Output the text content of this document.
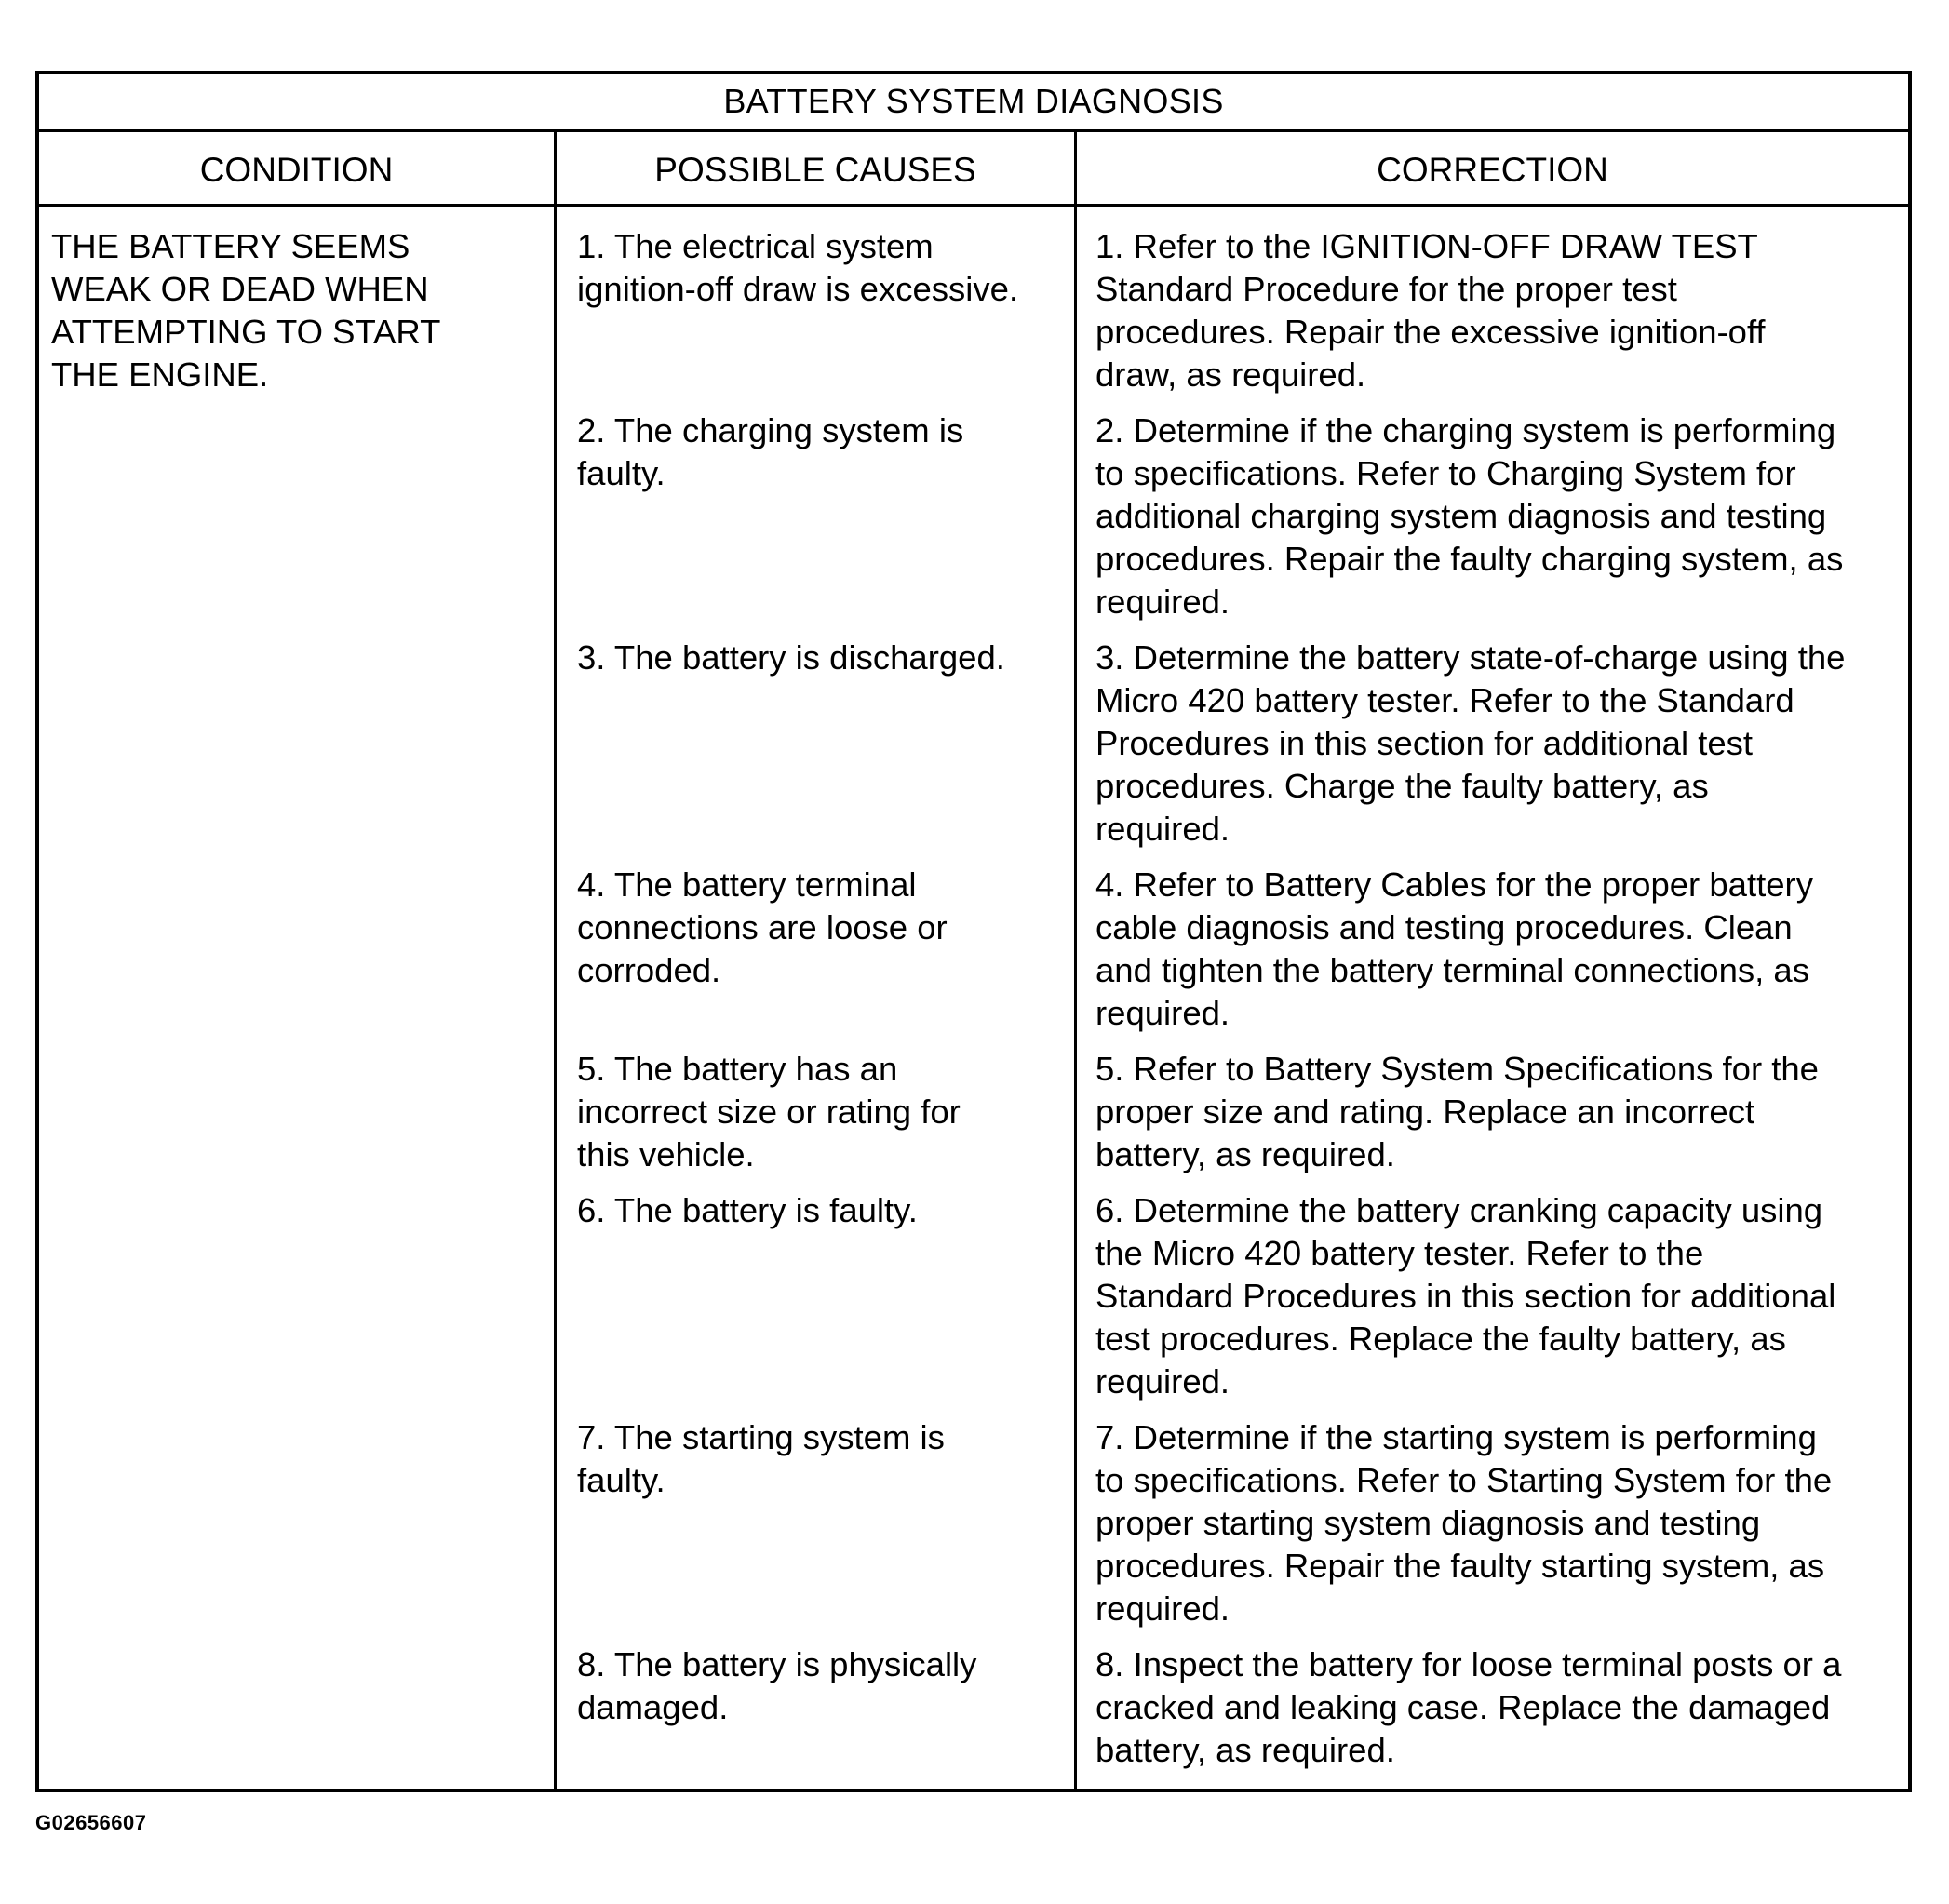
BATTERY SYSTEM DIAGNOSIS
CONDITION	POSSIBLE CAUSES	CORRECTION
THE BATTERY SEEMS
WEAK OR DEAD WHEN
ATTEMPTING TO START
THE ENGINE.
1. The electrical system
ignition-off draw is excessive.
2. The charging system is
faulty.
3. The battery is discharged.
4. The battery terminal
connections are loose or
corroded.
5. The battery has an
incorrect size or rating for
this vehicle.
6. The battery is faulty.
7. The starting system is
faulty.
8. The battery is physically
damaged.
1. Refer to the IGNITION-OFF DRAW TEST
Standard Procedure for the proper test
procedures. Repair the excessive ignition-off
draw, as required.
2. Determine if the charging system is performing
to specifications. Refer to Charging System for
additional charging system diagnosis and testing
procedures. Repair the faulty charging system, as
required.
3. Determine the battery state-of-charge using the
Micro 420 battery tester. Refer to the Standard
Procedures in this section for additional test
procedures. Charge the faulty battery, as
required.
4. Refer to Battery Cables for the proper battery
cable diagnosis and testing procedures. Clean
and tighten the battery terminal connections, as
required.
5. Refer to Battery System Specifications for the
proper size and rating. Replace an incorrect
battery, as required.
6. Determine the battery cranking capacity using
the Micro 420 battery tester. Refer to the
Standard Procedures in this section for additional
test procedures. Replace the faulty battery, as
required.
7. Determine if the starting system is performing
to specifications. Refer to Starting System for the
proper starting system diagnosis and testing
procedures. Repair the faulty starting system, as
required.
8. Inspect the battery for loose terminal posts or a
cracked and leaking case. Replace the damaged
battery, as required.
G02656607
